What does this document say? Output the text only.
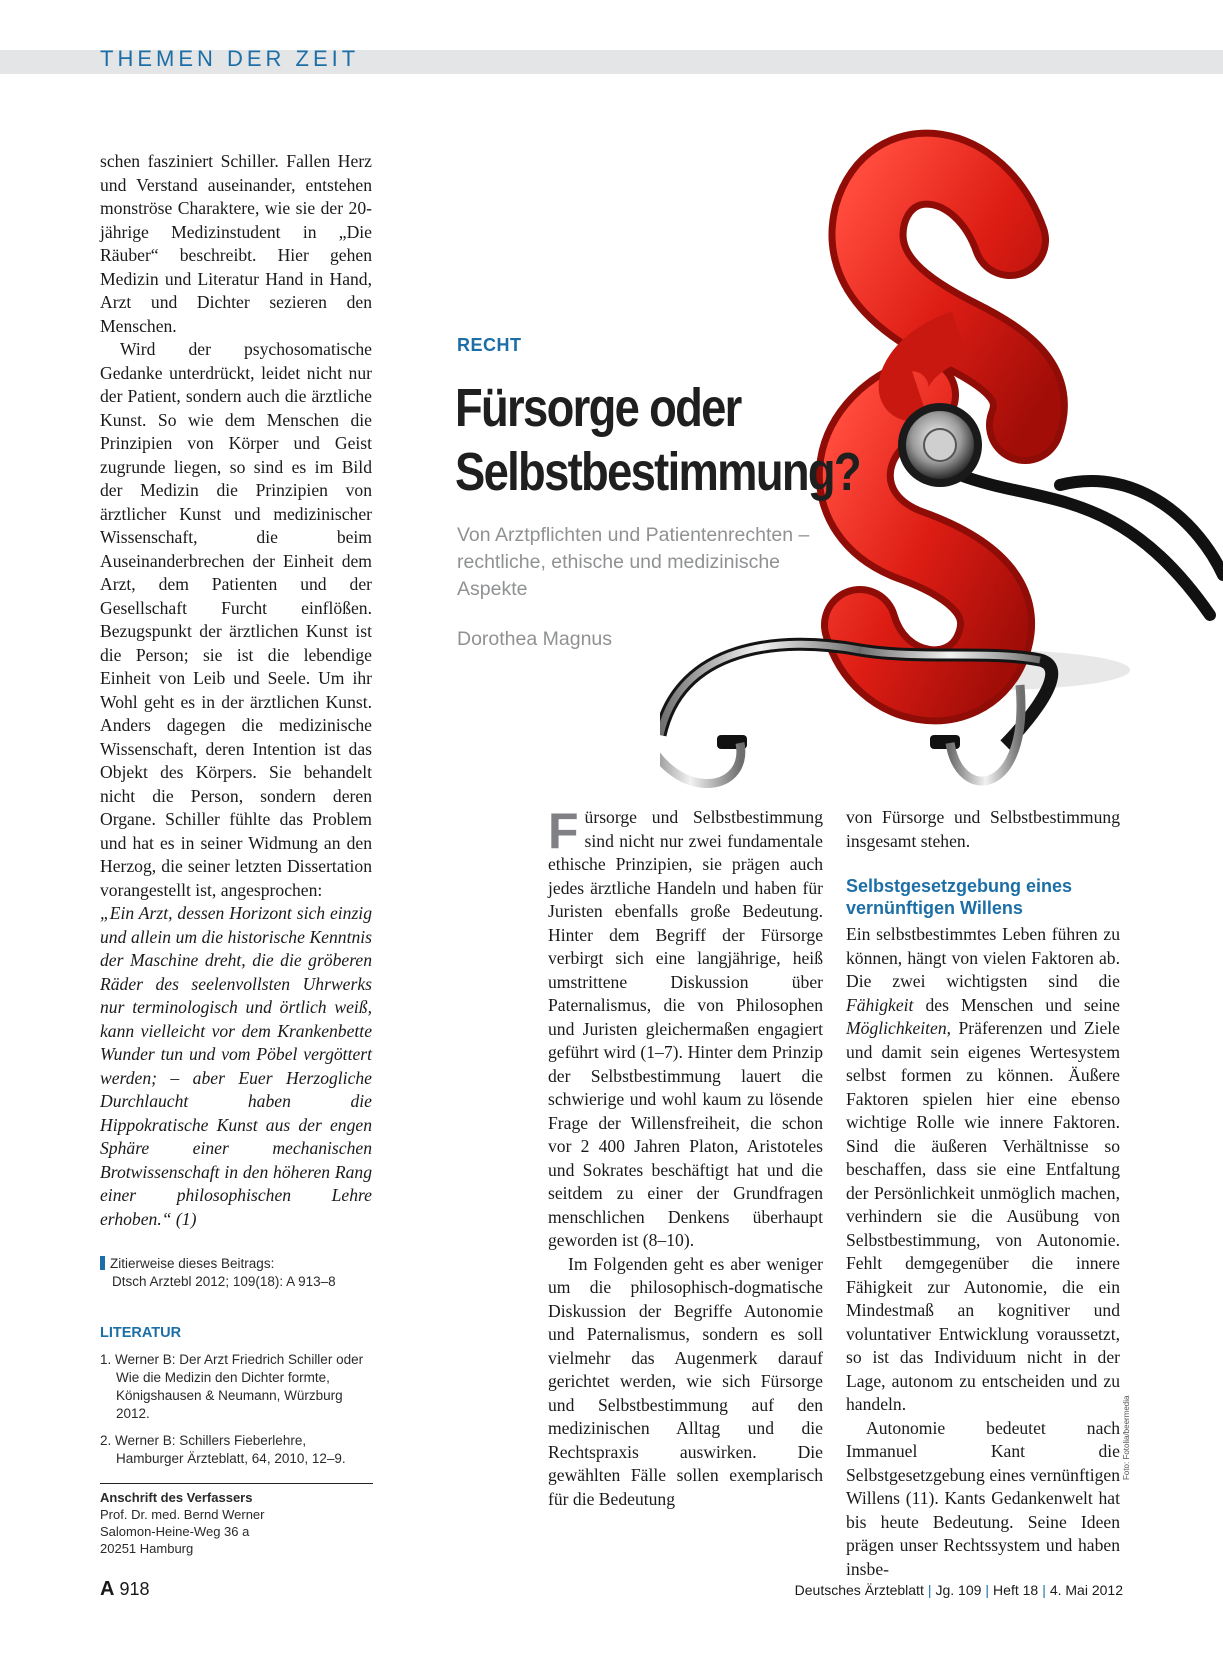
THEMEN DER ZEIT

schen fasziniert Schiller. Fallen Herz und Verstand auseinander, entstehen monströse Charaktere, wie sie der 20-jährige Medizinstudent in „Die Räuber“ beschreibt. Hier gehen Medizin und Literatur Hand in Hand, Arzt und Dichter sezieren den Menschen.

Wird der psychosomatische Gedanke unterdrückt, leidet nicht nur der Patient, sondern auch die ärztliche Kunst. So wie dem Menschen die Prinzipien von Körper und Geist zugrunde liegen, so sind es im Bild der Medizin die Prinzipien von ärztlicher Kunst und medizinischer Wissenschaft, die beim Auseinanderbrechen der Einheit dem Arzt, dem Patienten und der Gesellschaft Furcht einflößen. Bezugspunkt der ärztlichen Kunst ist die Person; sie ist die lebendige Einheit von Leib und Seele. Um ihr Wohl geht es in der ärztlichen Kunst. Anders dagegen die medizinische Wissenschaft, deren Intention ist das Objekt des Körpers. Sie behandelt nicht die Person, sondern deren Organe. Schiller fühlte das Problem und hat es in seiner Widmung an den Herzog, die seiner letzten Dissertation vorangestellt ist, angesprochen:

„Ein Arzt, dessen Horizont sich einzig und allein um die historische Kenntnis der Maschine dreht, die die gröberen Räder des seelenvollsten Uhrwerks nur terminologisch und örtlich weiß, kann vielleicht vor dem Krankenbette Wunder tun und vom Pöbel vergöttert werden; – aber Euer Herzogliche Durchlaucht haben die Hippokratische Kunst aus der engen Sphäre einer mechanischen Brotwissenschaft in den höheren Rang einer philosophischen Lehre erhoben.“ (1)

Zitierweise dieses Beitrags:
Dtsch Arztebl 2012; 109(18): A 913–8
LITERATUR
1. Werner B: Der Arzt Friedrich Schiller oder Wie die Medizin den Dichter formte, Königshausen & Neumann, Würzburg 2012.
2. Werner B: Schillers Fieberlehre, Hamburger Ärzteblatt, 64, 2010, 12–9.
Anschrift des Verfassers
Prof. Dr. med. Bernd Werner
Salomon-Heine-Weg 36 a
20251 Hamburg
RECHT
Fürsorge oder
Selbstbestimmung?

Von Arztpflichten und Patientenrechten – rechtliche, ethische und medizinische Aspekte

Dorothea Magnus

Fürsorge und Selbstbestimmung sind nicht nur zwei fundamentale ethische Prinzipien, sie prägen auch jedes ärztliche Handeln und haben für Juristen ebenfalls große Bedeutung. Hinter dem Begriff der Fürsorge verbirgt sich eine langjährige, heiß umstrittene Diskussion über Paternalismus, die von Philosophen und Juristen gleichermaßen engagiert geführt wird (1–7). Hinter dem Prinzip der Selbstbestimmung lauert die schwierige und wohl kaum zu lösende Frage der Willensfreiheit, die schon vor 2 400 Jahren Platon, Aristoteles und Sokrates beschäftigt hat und die seitdem zu einer der Grundfragen menschlichen Denkens überhaupt geworden ist (8–10).

Im Folgenden geht es aber weniger um die philosophisch-dogmatische Diskussion der Begriffe Autonomie und Paternalismus, sondern es soll vielmehr das Augenmerk darauf gerichtet werden, wie sich Fürsorge und Selbstbestimmung auf den medizinischen Alltag und die Rechtspraxis auswirken. Die gewählten Fälle sollen exemplarisch für die Bedeutung

von Fürsorge und Selbstbestimmung insgesamt stehen.

Selbstgesetzgebung eines vernünftigen Willens

Ein selbstbestimmtes Leben führen zu können, hängt von vielen Faktoren ab. Die zwei wichtigsten sind die Fähigkeit des Menschen und seine Möglichkeiten, Präferenzen und Ziele und damit sein eigenes Wertesystem selbst formen zu können. Äußere Faktoren spielen hier eine ebenso wichtige Rolle wie innere Faktoren. Sind die äußeren Verhältnisse so beschaffen, dass sie eine Entfaltung der Persönlichkeit unmöglich machen, verhindern sie die Ausübung von Selbstbestimmung, von Autonomie. Fehlt demgegenüber die innere Fähigkeit zur Autonomie, die ein Mindestmaß an kognitiver und voluntativer Entwicklung voraussetzt, so ist das Individuum nicht in der Lage, autonom zu entscheiden und zu handeln.

Autonomie bedeutet nach Immanuel Kant die Selbstgesetzgebung eines vernünftigen Willens (11). Kants Gedankenwelt hat bis heute Bedeutung. Seine Ideen prägen unser Rechtssystem und haben insbe-

Foto: Fotolia/beermedia
A 918	Deutsches Ärzteblatt | Jg. 109 | Heft 18 | 4. Mai 2012
